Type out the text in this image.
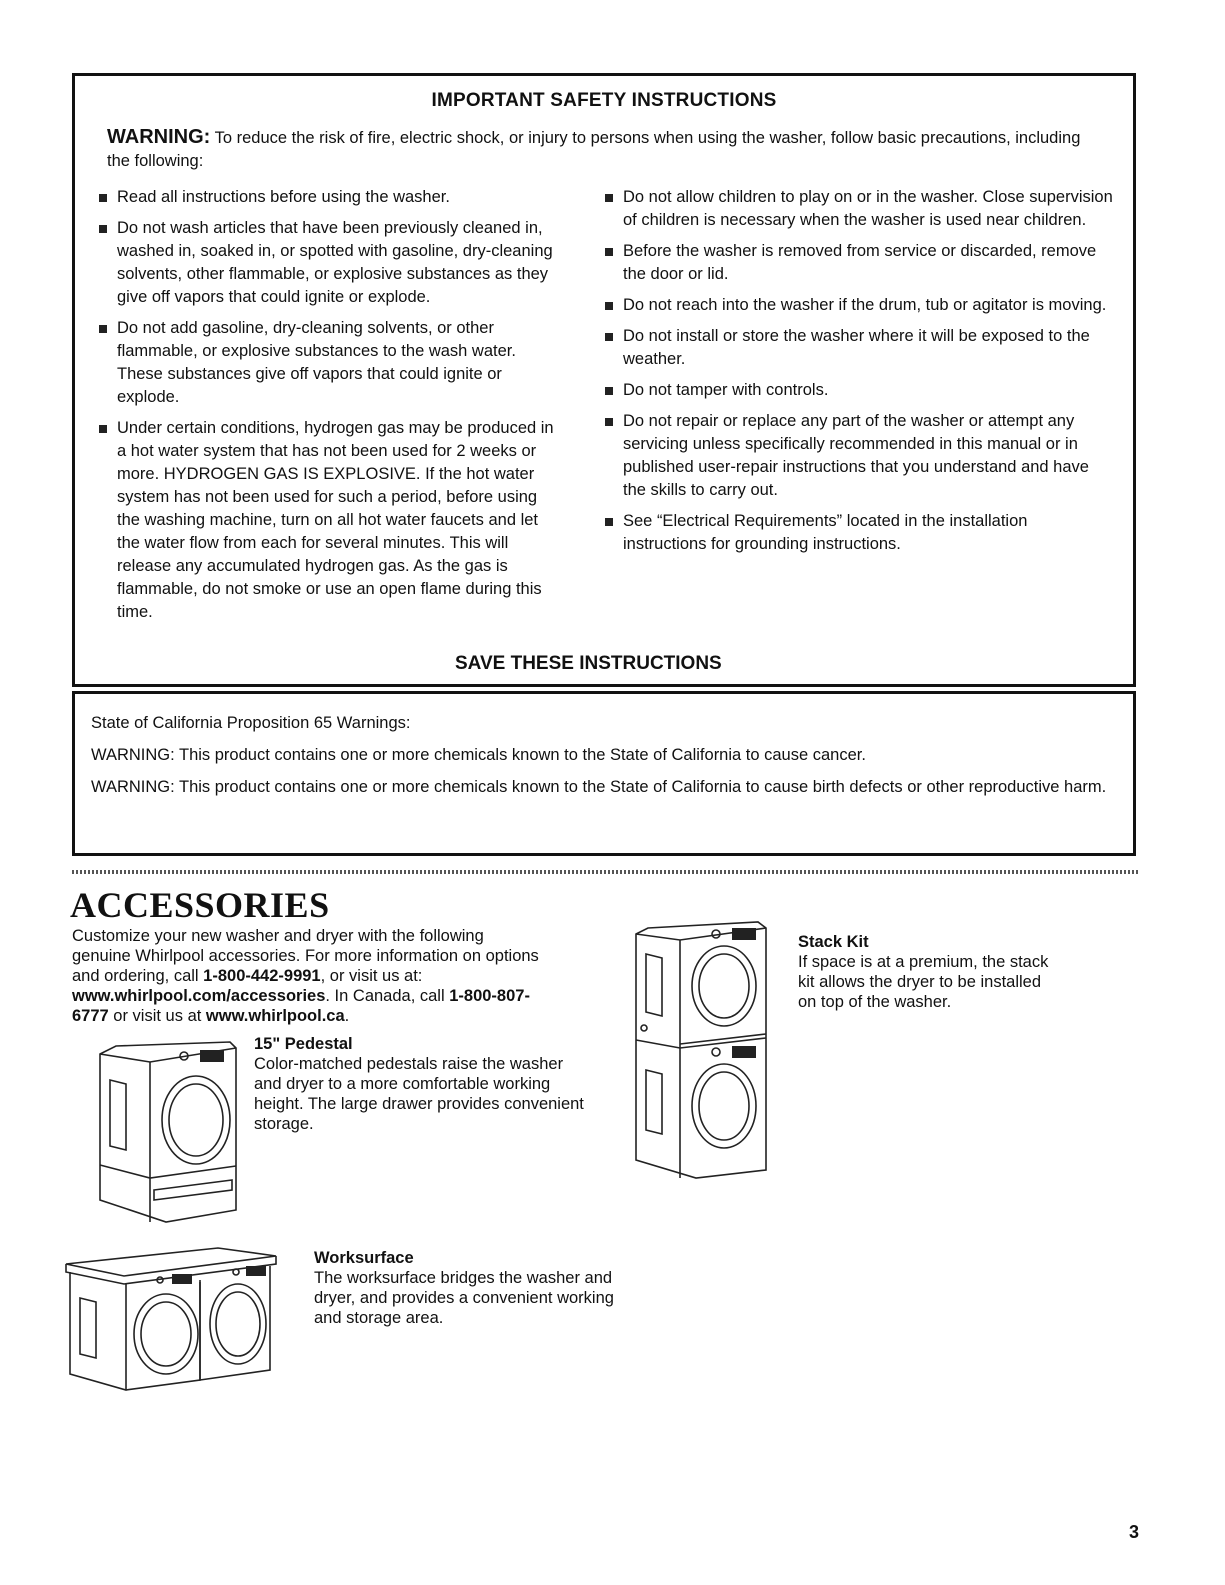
IMPORTANT SAFETY INSTRUCTIONS
WARNING: To reduce the risk of fire, electric shock, or injury to persons when using the washer, follow basic precautions, including the following:
Read all instructions before using the washer.
Do not wash articles that have been previously cleaned in, washed in, soaked in, or spotted with gasoline, dry-cleaning solvents, other flammable, or explosive substances as they give off vapors that could ignite or explode.
Do not add gasoline, dry-cleaning solvents, or other flammable, or explosive substances to the wash water. These substances give off vapors that could ignite or explode.
Under certain conditions, hydrogen gas may be produced in a hot water system that has not been used for 2 weeks or more. HYDROGEN GAS IS EXPLOSIVE. If the hot water system has not been used for such a period, before using the washing machine, turn on all hot water faucets and let the water flow from each for several minutes. This will release any accumulated hydrogen gas. As the gas is flammable, do not smoke or use an open flame during this time.
Do not allow children to play on or in the washer. Close supervision of children is necessary when the washer is used near children.
Before the washer is removed from service or discarded, remove the door or lid.
Do not reach into the washer if the drum, tub or agitator is moving.
Do not install or store the washer where it will be exposed to the weather.
Do not tamper with controls.
Do not repair or replace any part of the washer or attempt any servicing unless specifically recommended in this manual or in published user-repair instructions that you understand and have the skills to carry out.
See “Electrical Requirements” located in the installation instructions for grounding instructions.
SAVE THESE INSTRUCTIONS

State of California Proposition 65 Warnings:

WARNING: This product contains one or more chemicals known to the State of California to cause cancer.

WARNING: This product contains one or more chemicals known to the State of California to cause birth defects or other reproductive harm.

ACCESSORIES
Customize your new washer and dryer with the following genuine Whirlpool accessories. For more information on options and ordering, call 1-800-442-9991, or visit us at: www.whirlpool.com/accessories. In Canada, call 1-800-807-6777 or visit us at www.whirlpool.ca.
15" Pedestal
Color-matched pedestals raise the washer and dryer to a more comfortable working height. The large drawer provides convenient storage.
Stack Kit
If space is at a premium, the stack kit allows the dryer to be installed on top of the washer.
Worksurface
The worksurface bridges the washer and dryer, and provides a convenient working and storage area.
3
